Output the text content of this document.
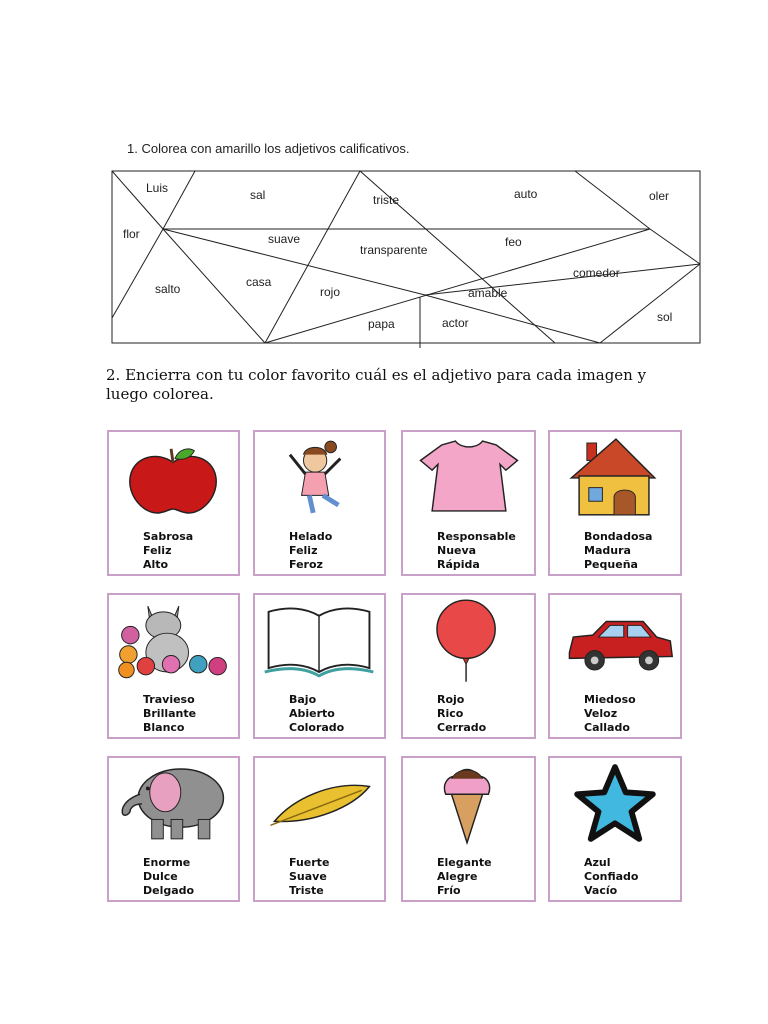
1. Colorea con amarillo los adjetivos calificativos.
Luis	sal	triste	auto	oler
flor	suave	feo
transparente
comedor
salto	casa
rojo	amable
sol
papa	actor
2. Encierra con tu color favorito cuál es el adjetivo para cada imagen y luego colorea.
Sabrosa
Feliz
Alto
Helado
Feliz
Feroz
Responsable
Nueva
Rápida
Bondadosa
Madura
Pequeña
Travieso
Brillante
Blanco
Bajo
Abierto
Colorado
Rojo
Rico
Cerrado
Miedoso
Veloz
Callado
Enorme
Dulce
Delgado
Fuerte
Suave
Triste
Elegante
Alegre
Frío
Azul
Confiado
Vacío
